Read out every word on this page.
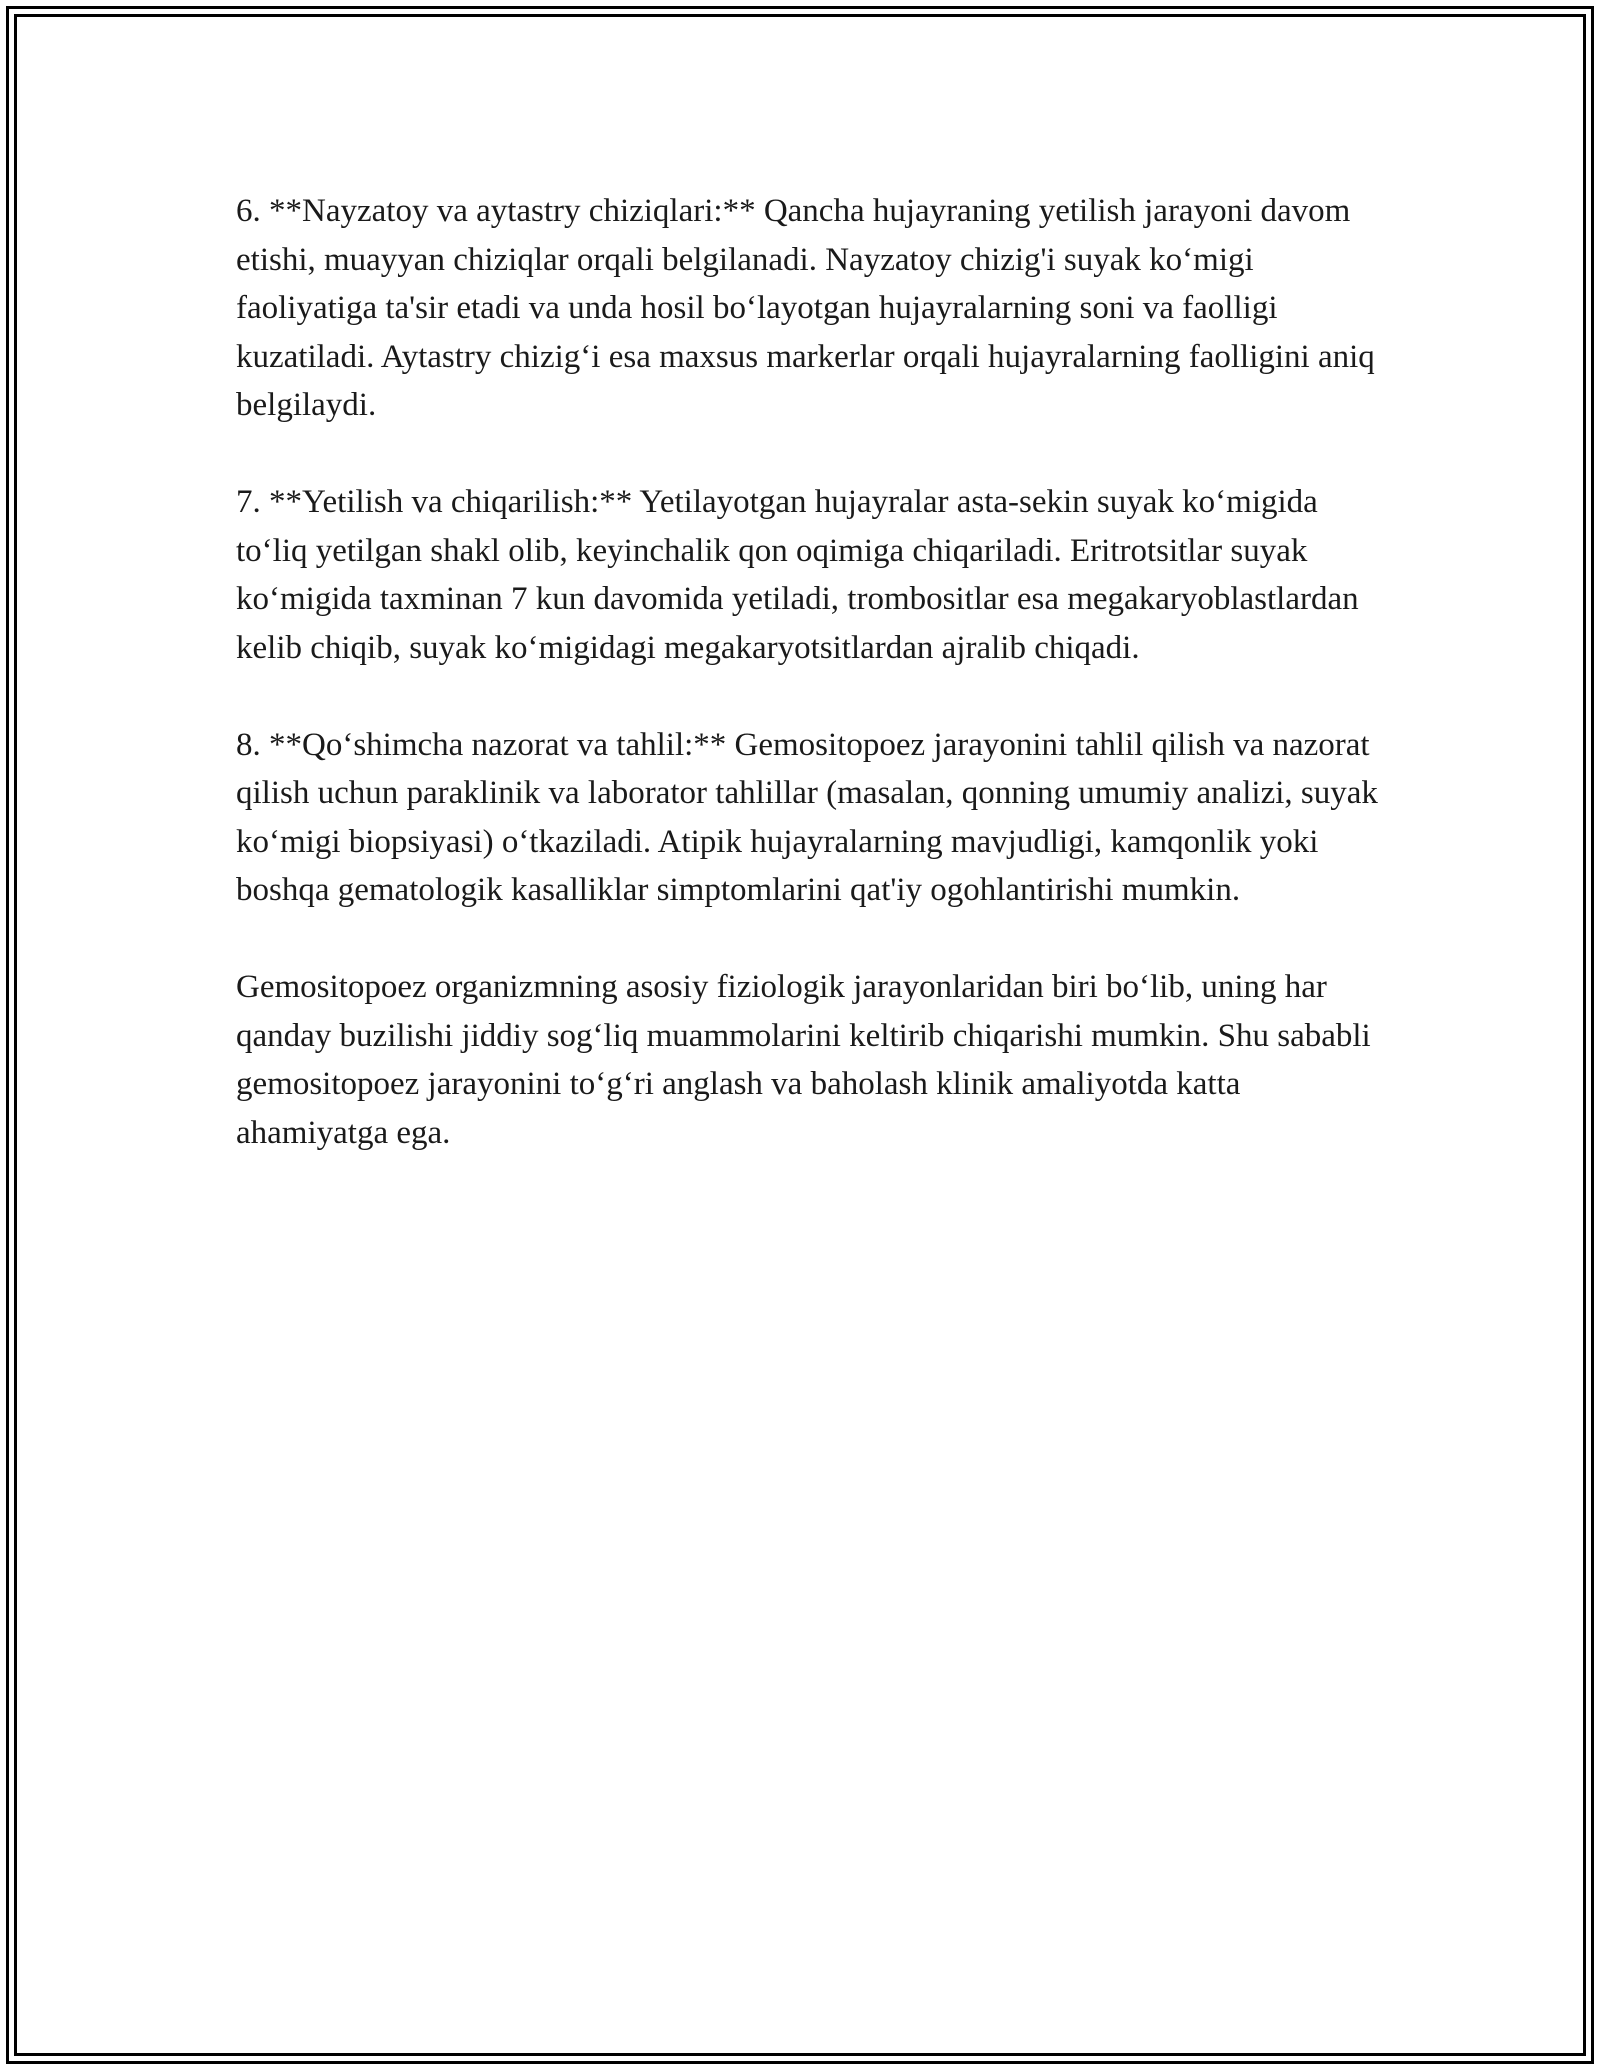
6. **Nayzatoy va aytastry chiziqlari:** Qancha hujayraning yetilish jarayoni davom etishi, muayyan chiziqlar orqali belgilanadi. Nayzatoy chizig'i suyak ko‘migi faoliyatiga ta'sir etadi va unda hosil bo‘layotgan hujayralarning soni va faolligi kuzatiladi. Aytastry chizig‘i esa maxsus markerlar orqali hujayralarning faolligini aniq belgilaydi.

7. **Yetilish va chiqarilish:** Yetilayotgan hujayralar asta-sekin suyak ko‘migida to‘liq yetilgan shakl olib, keyinchalik qon oqimiga chiqariladi. Eritrotsitlar suyak ko‘migida taxminan 7 kun davomida yetiladi, trombositlar esa megakaryoblastlardan kelib chiqib, suyak ko‘migidagi megakaryotsitlardan ajralib chiqadi.

8. **Qo‘shimcha nazorat va tahlil:** Gemositopoez jarayonini tahlil qilish va nazorat qilish uchun paraklinik va laborator tahlillar (masalan, qonning umumiy analizi, suyak ko‘migi biopsiyasi) o‘tkaziladi. Atipik hujayralarning mavjudligi, kamqonlik yoki boshqa gematologik kasalliklar simptomlarini qat'iy ogohlantirishi mumkin.

Gemositopoez organizmning asosiy fiziologik jarayonlaridan biri bo‘lib, uning har qanday buzilishi jiddiy sog‘liq muammolarini keltirib chiqarishi mumkin. Shu sababli gemositopoez jarayonini to‘g‘ri anglash va baholash klinik amaliyotda katta ahamiyatga ega.
